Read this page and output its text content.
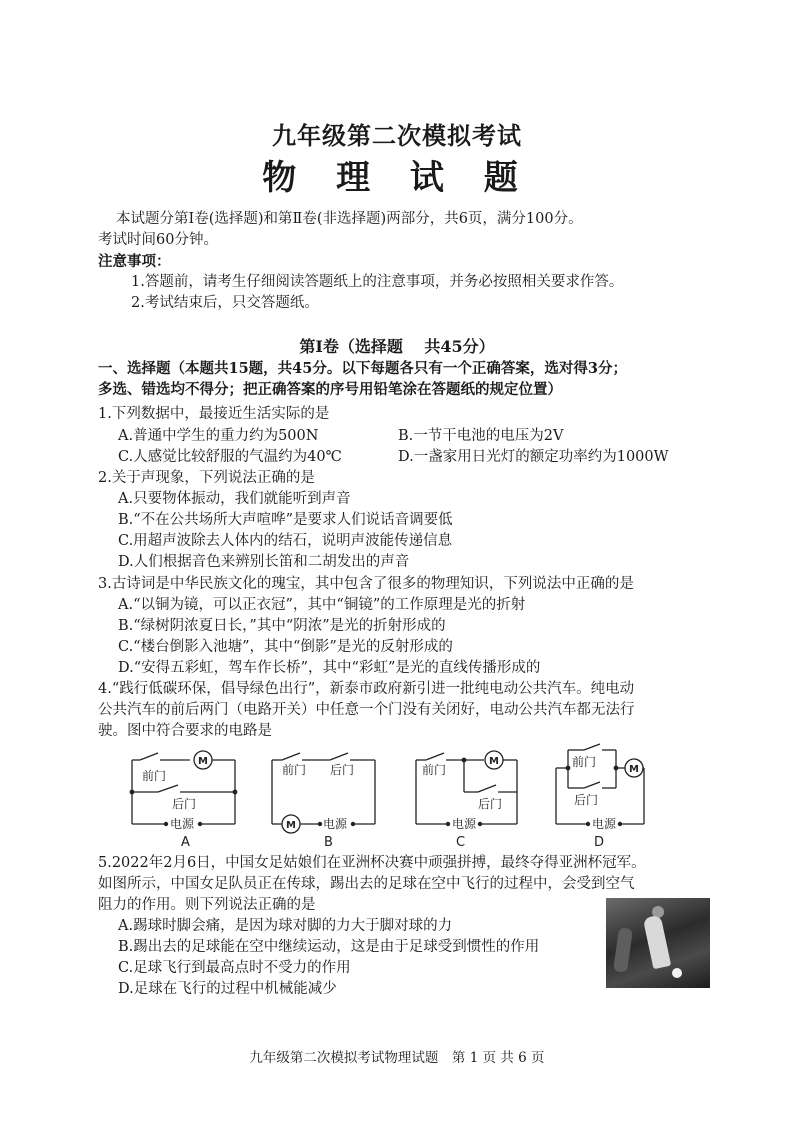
九年级第二次模拟考试
物 理 试 题
本试题分第Ⅰ卷(选择题)和第Ⅱ卷(非选择题)两部分，共6页，满分100分。
考试时间60分钟。
注意事项：
1.答题前，请考生仔细阅读答题纸上的注意事项，并务必按照相关要求作答。
2.考试结束后，只交答题纸。
第Ⅰ卷（选择题　 共45分）
一、选择题（本题共15题，共45分。以下每题各只有一个正确答案，选对得3分；
多选、错选均不得分；把正确答案的序号用铅笔涂在答题纸的规定位置）
1.下列数据中，最接近生活实际的是
A.普通中学生的重力约为500N	B.一节干电池的电压为2V
C.人感觉比较舒服的气温约为40℃	D.一盏家用日光灯的额定功率约为1000W
2.关于声现象，下列说法正确的是
A.只要物体振动，我们就能听到声音
B.“不在公共场所大声喧哗”是要求人们说话音调要低
C.用超声波除去人体内的结石，说明声波能传递信息
D.人们根据音色来辨别长笛和二胡发出的声音
3.古诗词是中华民族文化的瑰宝，其中包含了很多的物理知识，下列说法中正确的是
A.“以铜为镜，可以正衣冠”，其中“铜镜”的工作原理是光的折射
B.“绿树阴浓夏日长，”其中“阴浓”是光的折射形成的
C.“楼台倒影入池塘”，其中“倒影”是光的反射形成的
D.“安得五彩虹，驾车作长桥”，其中“彩虹”是光的直线传播形成的
4.“践行低碳环保，倡导绿色出行”，新泰市政府新引进一批纯电动公共汽车。纯电动
公共汽车的前后两门（电路开关）中任意一个门没有关闭好，电动公共汽车都无法行
驶。图中符合要求的电路是
前门
后门
电源
M
A
前门 后门
电源
M
B
前门
后门
电源
M
C
前门
后门
电源
M
D
5.2022年2月6日，中国女足姑娘们在亚洲杯决赛中顽强拼搏，最终夺得亚洲杯冠军。
如图所示，中国女足队员正在传球，踢出去的足球在空中飞行的过程中，会受到空气
阻力的作用。则下列说法正确的是
A.踢球时脚会痛，是因为球对脚的力大于脚对球的力
B.踢出去的足球能在空中继续运动，这是由于足球受到惯性的作用
C.足球飞行到最高点时不受力的作用
D.足球在飞行的过程中机械能减少
九年级第二次模拟考试物理试题　第 1 页 共 6 页
